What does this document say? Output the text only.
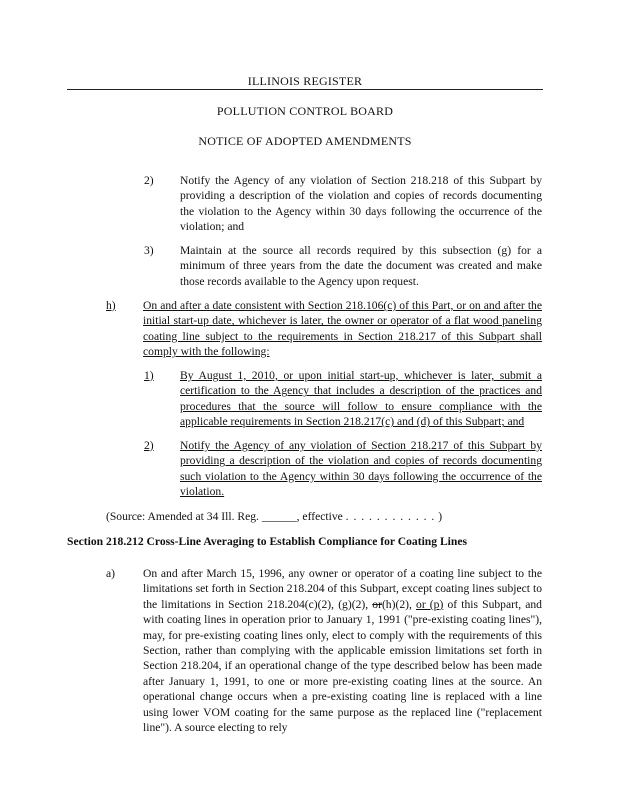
ILLINOIS REGISTER
POLLUTION CONTROL BOARD
NOTICE OF ADOPTED AMENDMENTS
2) Notify the Agency of any violation of Section 218.218 of this Subpart by providing a description of the violation and copies of records documenting the violation to the Agency within 30 days following the occurrence of the violation; and
3) Maintain at the source all records required by this subsection (g) for a minimum of three years from the date the document was created and make those records available to the Agency upon request.
h) On and after a date consistent with Section 218.106(c) of this Part, or on and after the initial start-up date, whichever is later, the owner or operator of a flat wood paneling coating line subject to the requirements in Section 218.217 of this Subpart shall comply with the following:
1) By August 1, 2010, or upon initial start-up, whichever is later, submit a certification to the Agency that includes a description of the practices and procedures that the source will follow to ensure compliance with the applicable requirements in Section 218.217(c) and (d) of this Subpart; and
2) Notify the Agency of any violation of Section 218.217 of this Subpart by providing a description of the violation and copies of records documenting such violation to the Agency within 30 days following the occurrence of the violation.
(Source: Amended at 34 Ill. Reg. ______, effective . . . . . . . . . . . . )
Section 218.212 Cross-Line Averaging to Establish Compliance for Coating Lines
a) On and after March 15, 1996, any owner or operator of a coating line subject to the limitations set forth in Section 218.204 of this Subpart, except coating lines subject to the limitations in Section 218.204(c)(2), (g)(2), or(h)(2), or (p) of this Subpart, and with coating lines in operation prior to January 1, 1991 ("pre-existing coating lines"), may, for pre-existing coating lines only, elect to comply with the requirements of this Section, rather than complying with the applicable emission limitations set forth in Section 218.204, if an operational change of the type described below has been made after January 1, 1991, to one or more pre-existing coating lines at the source. An operational change occurs when a pre-existing coating line is replaced with a line using lower VOM coating for the same purpose as the replaced line ("replacement line"). A source electing to rely
